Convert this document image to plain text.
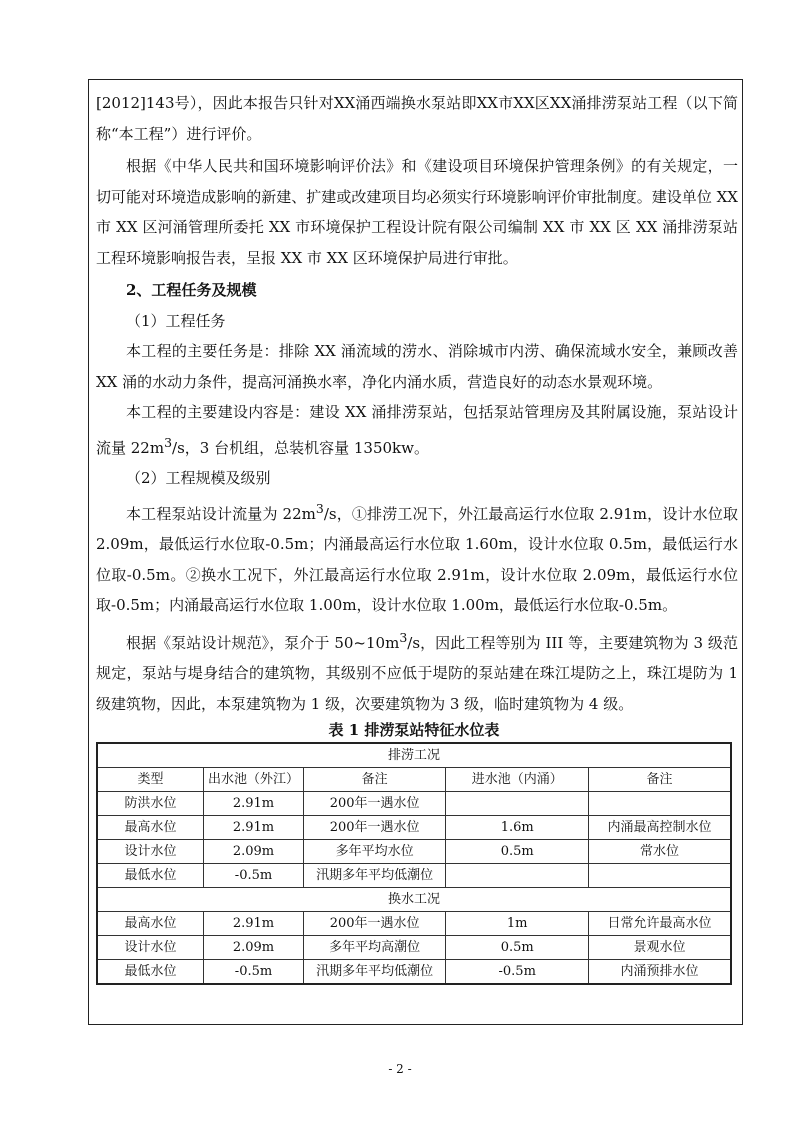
[2012]143号），因此本报告只针对XX涌西端换水泵站即XX市XX区XX涌排涝泵站工程（以下简称“本工程”）进行评价。

根据《中华人民共和国环境影响评价法》和《建设项目环境保护管理条例》的有关规定，一切可能对环境造成影响的新建、扩建或改建项目均必须实行环境影响评价审批制度。建设单位 XX 市 XX 区河涌管理所委托 XX 市环境保护工程设计院有限公司编制 XX 市 XX 区 XX 涌排涝泵站工程环境影响报告表，呈报 XX 市 XX 区环境保护局进行审批。

2、工程任务及规模

（1）工程任务

本工程的主要任务是：排除 XX 涌流域的涝水、消除城市内涝、确保流域水安全，兼顾改善 XX 涌的水动力条件，提高河涌换水率，净化内涌水质，营造良好的动态水景观环境。

本工程的主要建设内容是：建设 XX 涌排涝泵站，包括泵站管理房及其附属设施，泵站设计流量 $22m^3/s$，3 台机组，总装机容量 1350kw。

（2）工程规模及级别

本工程泵站设计流量为 $22m^3/s$，①排涝工况下，外江最高运行水位取 2.91m，设计水位取 2.09m，最低运行水位取-0.5m；内涌最高运行水位取 1.60m，设计水位取 0.5m，最低运行水位取-0.5m。②换水工况下，外江最高运行水位取 2.91m，设计水位取 2.09m，最低运行水位取-0.5m；内涌最高运行水位取 1.00m，设计水位取 1.00m，最低运行水位取-0.5m。

根据《泵站设计规范》，泵介于 $50\sim 10m^3/s$，因此工程等别为 III 等，主要建筑物为 3 级范规定，泵站与堤身结合的建筑物，其级别不应低于堤防的泵站建在珠江堤防之上，珠江堤防为 1 级建筑物，因此，本泵建筑物为 1 级，次要建筑物为 3 级，临时建筑物为 4 级。

表 1 排涝泵站特征水位表
排涝工况				
类型	出水池（外江）	备注	进水池（内涌）	备注
防洪水位	2.91m	200年一遇水位		
最高水位	2.91m	200年一遇水位	1.6m	内涌最高控制水位
设计水位	2.09m	多年平均水位	0.5m	常水位
最低水位	-0.5m	汛期多年平均低潮位		
换水工况				
最高水位	2.91m	200年一遇水位	1m	日常允许最高水位
设计水位	2.09m	多年平均高潮位	0.5m	景观水位
最低水位	-0.5m	汛期多年平均低潮位	-0.5m	内涌预排水位
- 2 -
